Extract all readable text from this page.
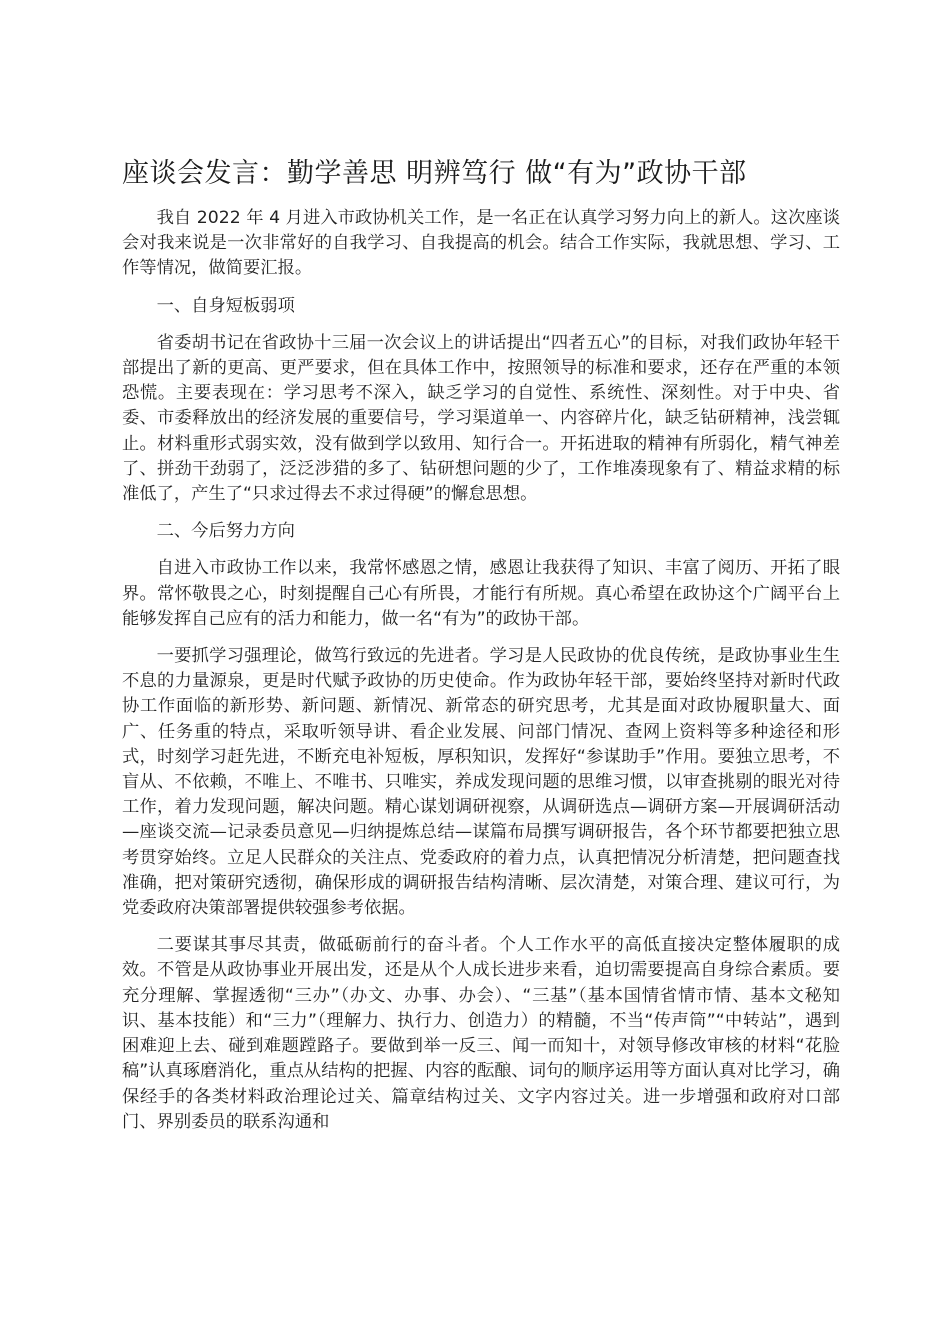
座谈会发言：勤学善思 明辨笃行 做“有为”政协干部

我自 2022 年 4 月进入市政协机关工作，是一名正在认真学习努力向上的新人。这次座谈会对我来说是一次非常好的自我学习、自我提高的机会。结合工作实际，我就思想、学习、工作等情况，做简要汇报。

一、自身短板弱项

省委胡书记在省政协十三届一次会议上的讲话提出“四者五心”的目标，对我们政协年轻干部提出了新的更高、更严要求，但在具体工作中，按照领导的标准和要求，还存在严重的本领恐慌。主要表现在：学习思考不深入，缺乏学习的自觉性、系统性、深刻性。对于中央、省委、市委释放出的经济发展的重要信号，学习渠道单一、内容碎片化，缺乏钻研精神，浅尝辄止。材料重形式弱实效，没有做到学以致用、知行合一。开拓进取的精神有所弱化，精气神差了、拼劲干劲弱了，泛泛涉猎的多了、钻研想问题的少了，工作堆凑现象有了、精益求精的标准低了，产生了“只求过得去不求过得硬”的懈怠思想。

二、今后努力方向

自进入市政协工作以来，我常怀感恩之情，感恩让我获得了知识、丰富了阅历、开拓了眼界。常怀敬畏之心，时刻提醒自己心有所畏，才能行有所规。真心希望在政协这个广阔平台上能够发挥自己应有的活力和能力，做一名“有为”的政协干部。

一要抓学习强理论，做笃行致远的先进者。学习是人民政协的优良传统，是政协事业生生不息的力量源泉，更是时代赋予政协的历史使命。作为政协年轻干部，要始终坚持对新时代政协工作面临的新形势、新问题、新情况、新常态的研究思考，尤其是面对政协履职量大、面广、任务重的特点，采取听领导讲、看企业发展、问部门情况、查网上资料等多种途径和形式，时刻学习赶先进，不断充电补短板，厚积知识，发挥好“参谋助手”作用。要独立思考，不盲从、不依赖，不唯上、不唯书、只唯实，养成发现问题的思维习惯，以审查挑剔的眼光对待工作，着力发现问题，解决问题。精心谋划调研视察，从调研选点—调研方案—开展调研活动—座谈交流—记录委员意见—归纳提炼总结—谋篇布局撰写调研报告，各个环节都要把独立思考贯穿始终。立足人民群众的关注点、党委政府的着力点，认真把情况分析清楚，把问题查找准确，把对策研究透彻，确保形成的调研报告结构清晰、层次清楚，对策合理、建议可行，为党委政府决策部署提供较强参考依据。

二要谋其事尽其责，做砥砺前行的奋斗者。个人工作水平的高低直接决定整体履职的成效。不管是从政协事业开展出发，还是从个人成长进步来看，迫切需要提高自身综合素质。要充分理解、掌握透彻“三办”（办文、办事、办会）、“三基”（基本国情省情市情、基本文秘知识、基本技能）和“三力”（理解力、执行力、创造力）的精髓，不当“传声筒”“中转站”，遇到困难迎上去、碰到难题蹚路子。要做到举一反三、闻一而知十，对领导修改审核的材料“花脸稿”认真琢磨消化，重点从结构的把握、内容的酝酿、词句的顺序运用等方面认真对比学习，确保经手的各类材料政治理论过关、篇章结构过关、文字内容过关。进一步增强和政府对口部门、界别委员的联系沟通和
